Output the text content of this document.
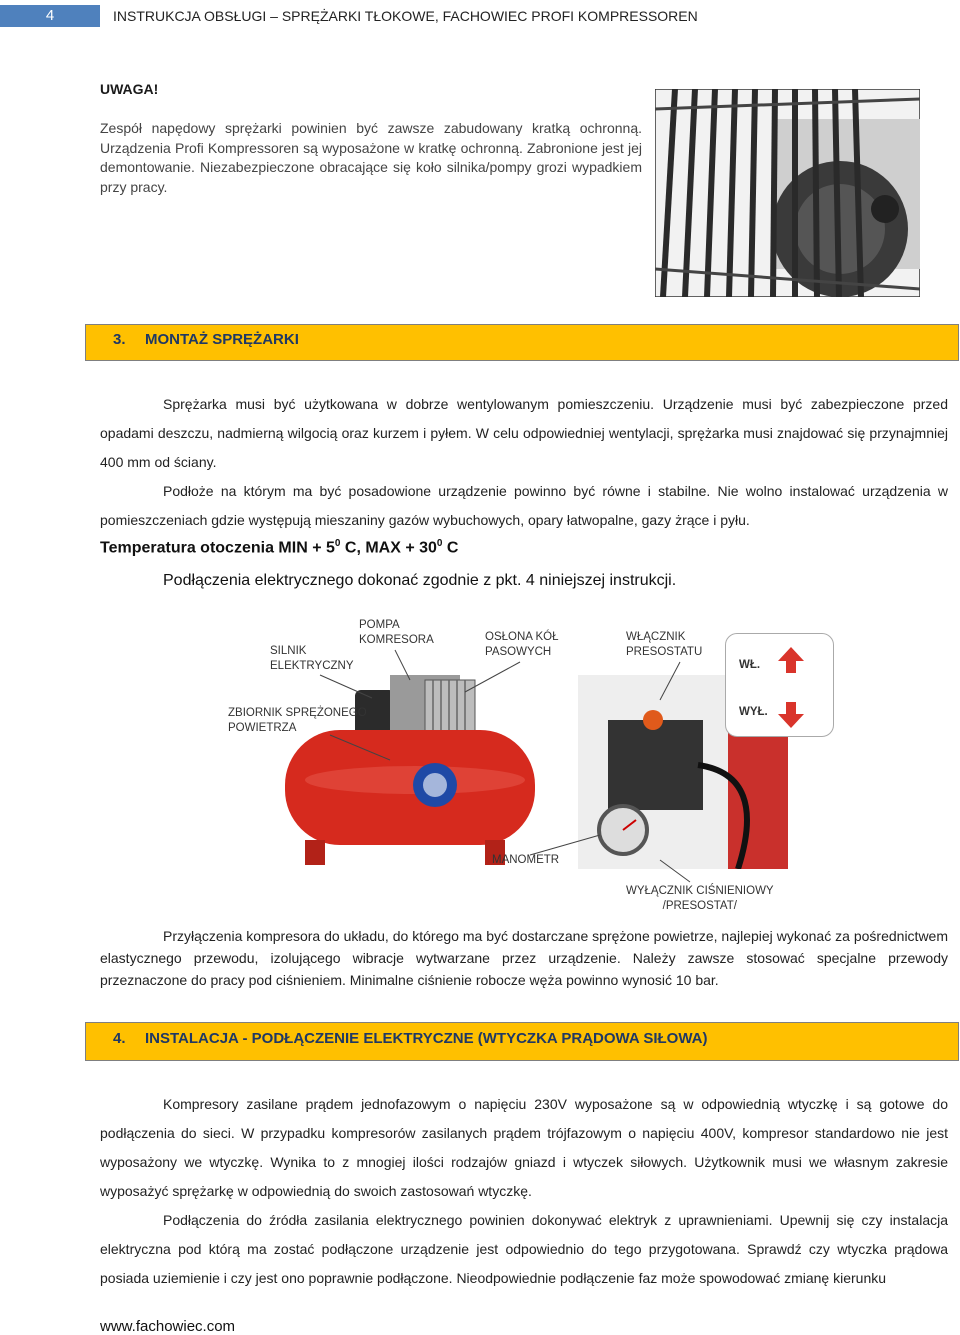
4	INSTRUKCJA OBSŁUGI – SPRĘŻARKI TŁOKOWE, FACHOWIEC PROFI KOMPRESSOREN
UWAGA!
Zespół napędowy sprężarki powinien być zawsze zabudowany kratką ochronną. Urządzenia Profi Kompressoren są wyposażone w kratkę ochronną. Zabronione jest jej demontowanie. Niezabezpieczone obracające się koło silnika/pompy grozi wypadkiem przy pracy.
3. MONTAŻ SPRĘŻARKI

Sprężarka musi być użytkowana w dobrze wentylowanym pomieszczeniu. Urządzenie musi być zabezpieczone przed opadami deszczu, nadmierną wilgocią oraz kurzem i pyłem. W celu odpowiedniej wentylacji, sprężarka musi znajdować się przynajmniej 400 mm od ściany.

Podłoże na którym ma być posadowione urządzenie powinno być równe i stabilne. Nie wolno instalować urządzenia w pomieszczeniach gdzie występują mieszaniny gazów wybuchowych, opary łatwopalne, gazy żrące i pyłu.

Temperatura otoczenia MIN + $5^0$ C, MAX + $30^0$ C
Podłączenia elektrycznego dokonać zgodnie z pkt. 4 niniejszej instrukcji.
WŁ.
WYŁ.
SILNIK
ELEKTRYCZNY
POMPA
KOMRESORA	OSŁONA KÓŁ
PASOWYCH
WŁĄCZNIK
PRESOSTATU
ZBIORNIK SPRĘŻONEGO
POWIETRZA
MANOMETR
WYŁĄCZNIK CIŚNIENIOWY
/PRESOSTAT/

Przyłączenia kompresora do układu, do którego ma być dostarczane sprężone powietrze, najlepiej wykonać za pośrednictwem elastycznego przewodu, izolującego wibracje wytwarzane przez urządzenie. Należy zawsze stosować specjalne przewody przeznaczone do pracy pod ciśnieniem. Minimalne ciśnienie robocze węża powinno wynosić 10 bar.

4. INSTALACJA - PODŁĄCZENIE ELEKTRYCZNE (WTYCZKA PRĄDOWA SIŁOWA)

Kompresory zasilane prądem jednofazowym o napięciu 230V wyposażone są w odpowiednią wtyczkę i są gotowe do podłączenia do sieci. W przypadku kompresorów zasilanych prądem trójfazowym o napięciu 400V, kompresor standardowo nie jest wyposażony we wtyczkę. Wynika to z mnogiej ilości rodzajów gniazd i wtyczek siłowych. Użytkownik musi we własnym zakresie wyposażyć sprężarkę w odpowiednią do swoich zastosowań wtyczkę.

Podłączenia do źródła zasilania elektrycznego powinien dokonywać elektryk z uprawnieniami. Upewnij się czy instalacja elektryczna pod którą ma zostać podłączone urządzenie jest odpowiednio do tego przygotowana. Sprawdź czy wtyczka prądowa posiada uziemienie i czy jest ono poprawnie podłączone. Nieodpowiednie podłączenie faz może spowodować zmianę kierunku

www.fachowiec.com
